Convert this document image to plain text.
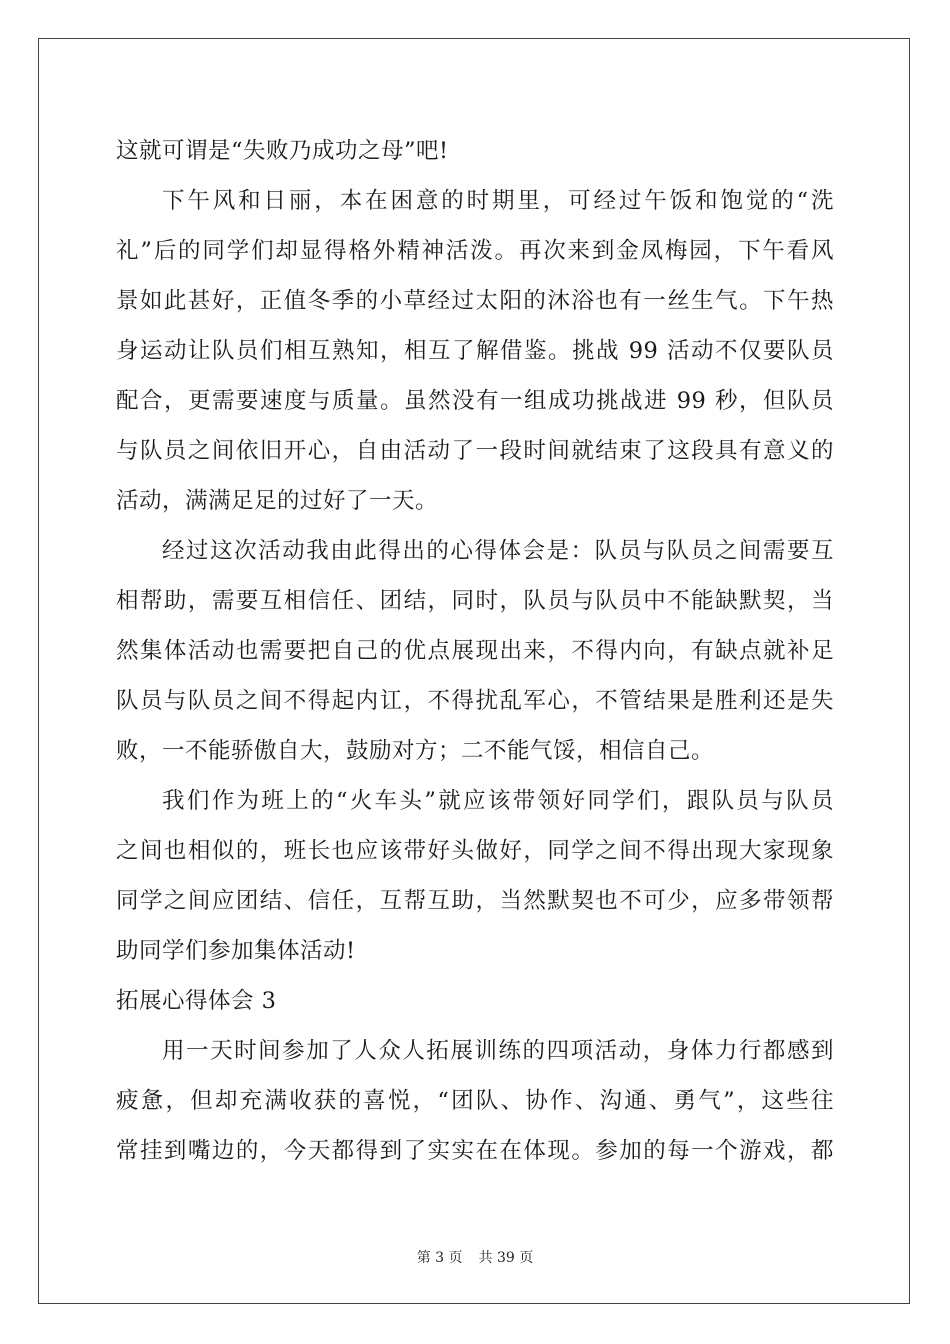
这就可谓是“失败乃成功之母”吧!
下午风和日丽，本在困意的时期里，可经过午饭和饱觉的“洗
礼”后的同学们却显得格外精神活泼。再次来到金凤梅园，下午看风
景如此甚好，正值冬季的小草经过太阳的沐浴也有一丝生气。下午热
身运动让队员们相互熟知，相互了解借鉴。挑战 99 活动不仅要队员
配合，更需要速度与质量。虽然没有一组成功挑战进 99 秒，但队员
与队员之间依旧开心，自由活动了一段时间就结束了这段具有意义的
活动，满满足足的过好了一天。
经过这次活动我由此得出的心得体会是：队员与队员之间需要互
相帮助，需要互相信任、团结，同时，队员与队员中不能缺默契，当
然集体活动也需要把自己的优点展现出来，不得内向，有缺点就补足
队员与队员之间不得起内讧，不得扰乱军心，不管结果是胜利还是失
败，一不能骄傲自大，鼓励对方；二不能气馁，相信自己。
我们作为班上的“火车头”就应该带领好同学们，跟队员与队员
之间也相似的，班长也应该带好头做好，同学之间不得出现大家现象
同学之间应团结、信任，互帮互助，当然默契也不可少，应多带领帮
助同学们参加集体活动!
拓展心得体会 3
用一天时间参加了人众人拓展训练的四项活动，身体力行都感到
疲惫，但却充满收获的喜悦，“团队、协作、沟通、勇气”，这些往
常挂到嘴边的，今天都得到了实实在在体现。参加的每一个游戏，都
第 3 页 共 39 页
